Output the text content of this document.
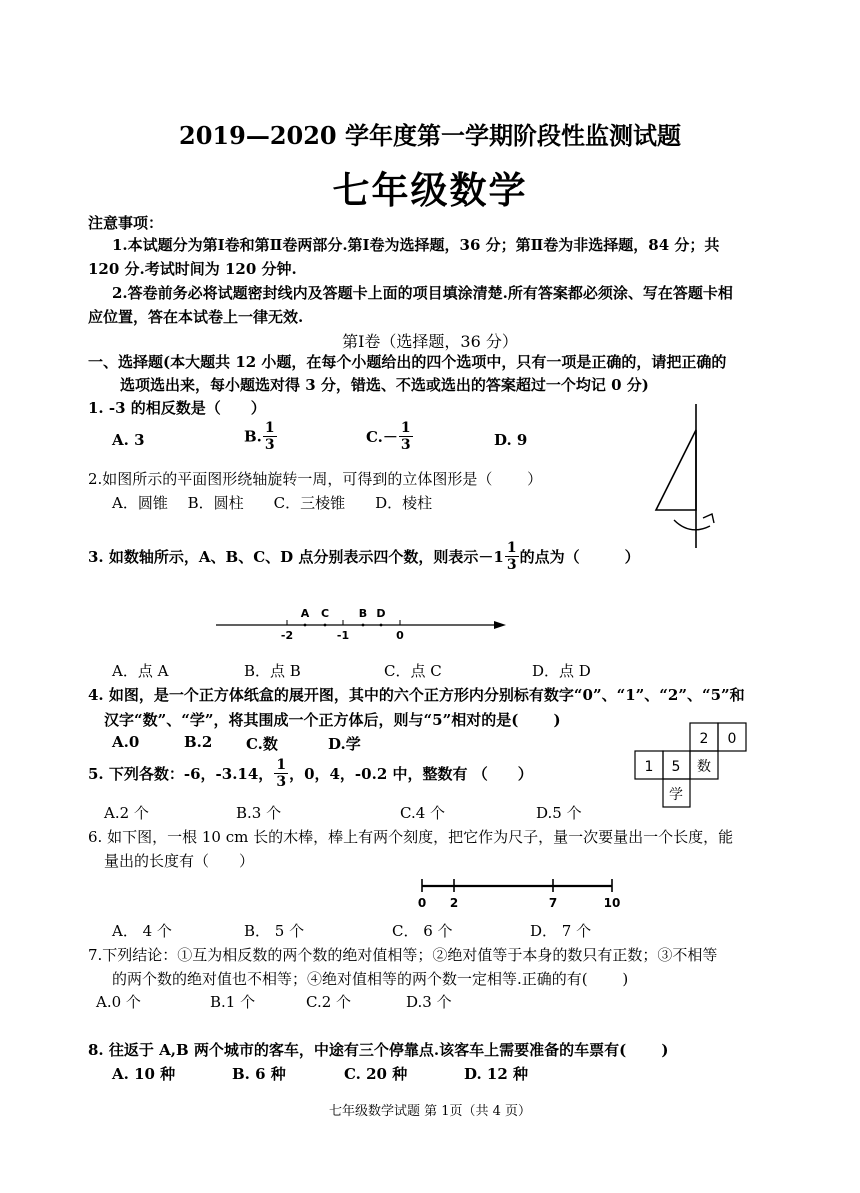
2019—2020 学年度第一学期阶段性监测试题
七年级数学
注意事项：
1.本试题分为第Ⅰ卷和第Ⅱ卷两部分.第Ⅰ卷为选择题，36 分；第Ⅱ卷为非选择题，84 分；共
120 分.考试时间为 120 分钟.
2.答卷前务必将试题密封线内及答题卡上面的项目填涂清楚.所有答案都必须涂、写在答题卡相
应位置，答在本试卷上一律无效.
第Ⅰ卷（选择题，36 分）
一、选择题(本大题共 12 小题，在每个小题给出的四个选项中，只有一项是正确的，请把正确的
选项选出来，每小题选对得 3 分，错选、不选或选出的答案超过一个均记 0 分)
1. -3 的相反数是（　　）
A. 3	B. $\frac{1}{3}$	$C.- \frac{1}{3}$	D. 9
2.如图所示的平面图形绕轴旋转一周，可得到的立体图形是（　　 ）
A．圆锥　 B．圆柱　　C．三棱锥　　D．棱柱
3. 如数轴所示，A、B、C、D 点分别表示四个数，则表示$-1 \frac{1}{3}$ 的点为（　　　）
A C	B D
-2	-1	0
A．点 A	B．点 B	C．点 C	D．点 D
4. 如图，是一个正方体纸盒的展开图，其中的六个正方形内分别标有数字“0”、“1”、“2”、“5”和
汉字“数”、“学”，将其围成一个正方体后，则与“5”相对的是(　　 )
A.0	B.2 C.数	D.学	2 0
1 5 数
学
5. 下列各数：-6，-3.14， $\frac{1}{3}$ ，0，4，-0.2 中，整数有 （　　）
A.2 个	B.3 个	C.4 个	D.5 个
6. 如下图，一根 10 cm 长的木棒，棒上有两个刻度，把它作为尺子，量一次要量出一个长度，能
量出的长度有（　　）
0 2	7	10
A． 4 个	B． 5 个	C． 6 个	D． 7 个
7.下列结论：①互为相反数的两个数的绝对值相等；②绝对值等于本身的数只有正数；③不相等
的两个数的绝对值也不相等；④绝对值相等的两个数一定相等.正确的有(　　 )
A.0 个	B.1 个	C.2 个	D.3 个
8. 往返于 A,B 两个城市的客车，中途有三个停靠点.该客车上需要准备的车票有(　　 )
A. 10 种	B. 6 种	C. 20 种	D. 12 种
七年级数学试题 第 1页（共 4 页）
